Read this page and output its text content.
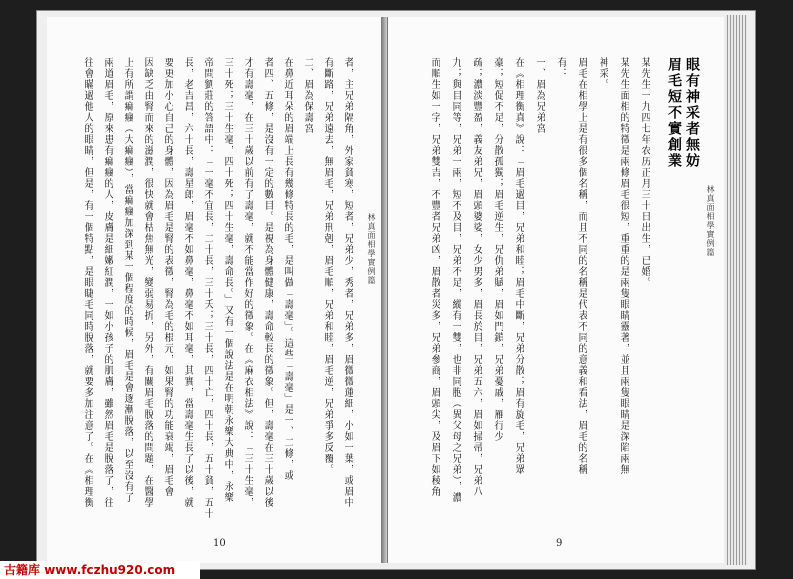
林真面相學實例篇
者，主兄弟隔角，外家貧寒，短者，兄弟少，秀者，兄弟多，眉微微蓮細，小如一葉，或眉中
有斷路，兄弟遠去，無眉毛，兄弟刑剋，眉毛順，兄弟和睦，眉毛逆，兄弟爭多反覆。
二、眉為保壽宮
在鼻近耳朵的眉端上長有幾條特長的毛，是叫做「壽毫」。這些「壽毫」是一、二條，或
者四、五條，是沒有一定的數目。是視為身體健康，壽命較長的徵象。但，壽毫在三十歲以後
才有壽毫，在三十歲以前有了壽毫，就不能當作好的徵象。在《麻衣相法》說：「三十生毫，
三十死；三十生毫，四十死；四十生毫，壽命長。」又有一個說法是在明朝永樂大典中，永樂
帝問劉莊的答語中：「一毫不宜長，二十長，三十夭；三十長，四十亡，四十長，五十貧，五十
長，老吉昌，六十長，壽星郎，眉毫不如鼻毫，鼻毫不如耳毫，其實，當壽毫生長了以後，就
要更加小心自己的身體，因為眉毛是腎的表徵，腎為毛的根元，如果腎的功能衰竭，眉毛會
因缺乏由腎而來的滋潤，很快就會枯焦無光，變弱易折，另外，有關眉毛脫落的問題，在醫學
上有所謂痲瘋（大痲瘋），當痲瘋加深到某一個程度的時候，眉毛是會逐漸脫落，以至沒有了
兩道眉毛，原來患有痲瘋的人，皮膚是細嫩紅潤，一如小孩子的肌膚，雖然眉毛是脫落了，往
往會瞞過他人的眼睛，但是，有一個特點，是眼睫毛同時脫落，就要多加注意了。在《相理衡
10
林真面相學實例篇
某先生一九四七年农历正月三十日出生，已婚。
某先生面相的特徵是兩條眉毛很短，重重的是兩隻眼睛靈著，並且兩隻眼睛是深陷兩無
神采。
眉毛在相學上是有很多個名稱，而且不同的名稱是代表不同的意義和看法，眉毛的名稱
有：
一、眉為兄弟宮
在《相理衡真》說：「眉毛過目，兄弟和睦；眉毛中斷，兄弟分散；眉有旋毛，兄弟眾
豪；短促不足，分散孤獨；眉毛逆生，兄仇弟賦，眉如門鎖，兄弟憂戚，雁行少
疏；濃淡豐盈，義友弟兄，眉頭婆娑，女少男多，眉長於目，兄弟五六，眉如掃帚，兄弟八
九；與目同等，兄弟一兩，短不及目，兄弟不足，縱有一雙，也非同胞（異父母之兄弟），濃
而順生如一字，兄弟雙吉，不豐者兄弟凶，眉散者災多，兄弟參商，眉頭尖，及眉下如稜角	眉毛短不實創業 眼有神采者無妨
9
古籍库 www.fczhu920.com
